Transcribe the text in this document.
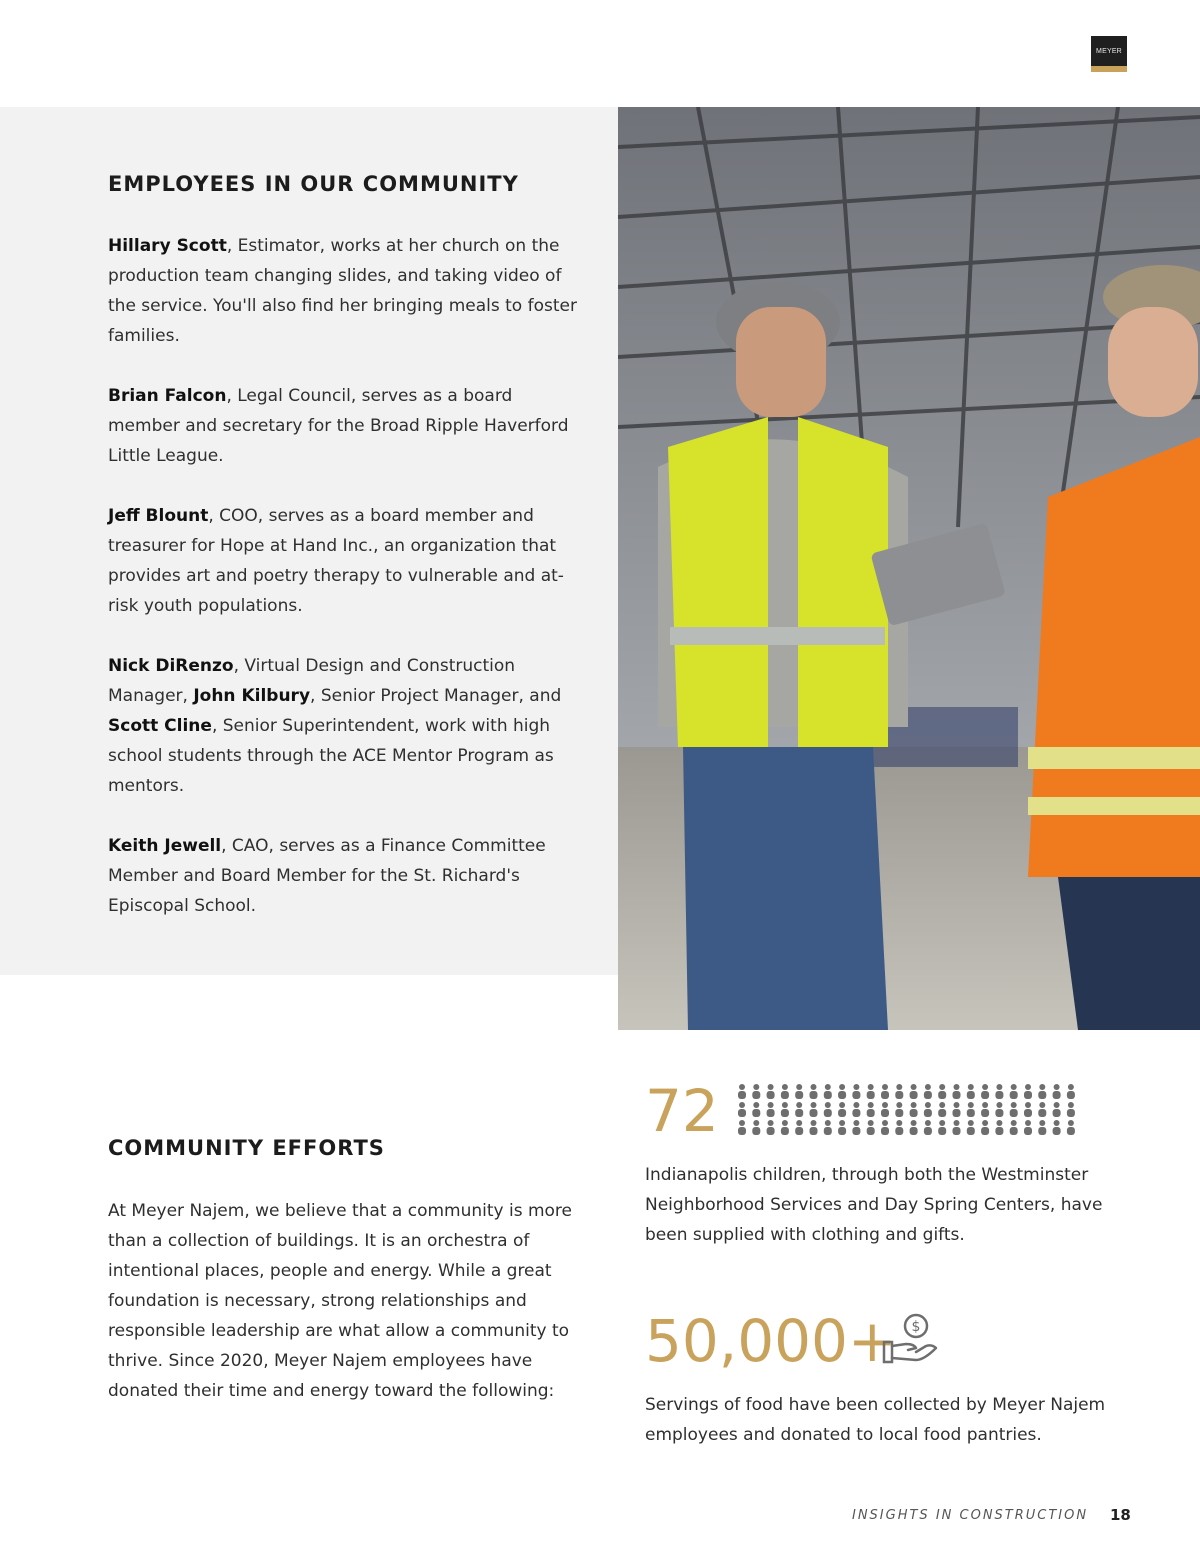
MEYER
EMPLOYEES IN OUR COMMUNITY

Hillary Scott, Estimator, works at her church on the production team changing slides, and taking video of the service. You'll also find her bringing meals to foster families.

Brian Falcon, Legal Council, serves as a board member and secretary for the Broad Ripple Haverford Little League.

Jeff Blount, COO, serves as a board member and treasurer for Hope at Hand Inc., an organization that provides art and poetry therapy to vulnerable and at-risk youth populations.

Nick DiRenzo, Virtual Design and Construction Manager, John Kilbury, Senior Project Manager, and Scott Cline, Senior Superintendent, work with high school students through the ACE Mentor Program as mentors.

Keith Jewell, CAO, serves as a Finance Committee Member and Board Member for the St. Richard's Episcopal School.

COMMUNITY EFFORTS
At Meyer Najem, we believe that a community is more than a collection of buildings. It is an orchestra of intentional places, people and energy. While a great foundation is necessary, strong relationships and responsible leadership are what allow a community to thrive. Since 2020, Meyer Najem employees have donated their time and energy toward the following:
72
Indianapolis children, through both the Westminster Neighborhood Services and Day Spring Centers, have been supplied with clothing and gifts.
50,000+ $
Servings of food have been collected by Meyer Najem employees and donated to local food pantries.
INSIGHTS IN CONSTRUCTION 18
